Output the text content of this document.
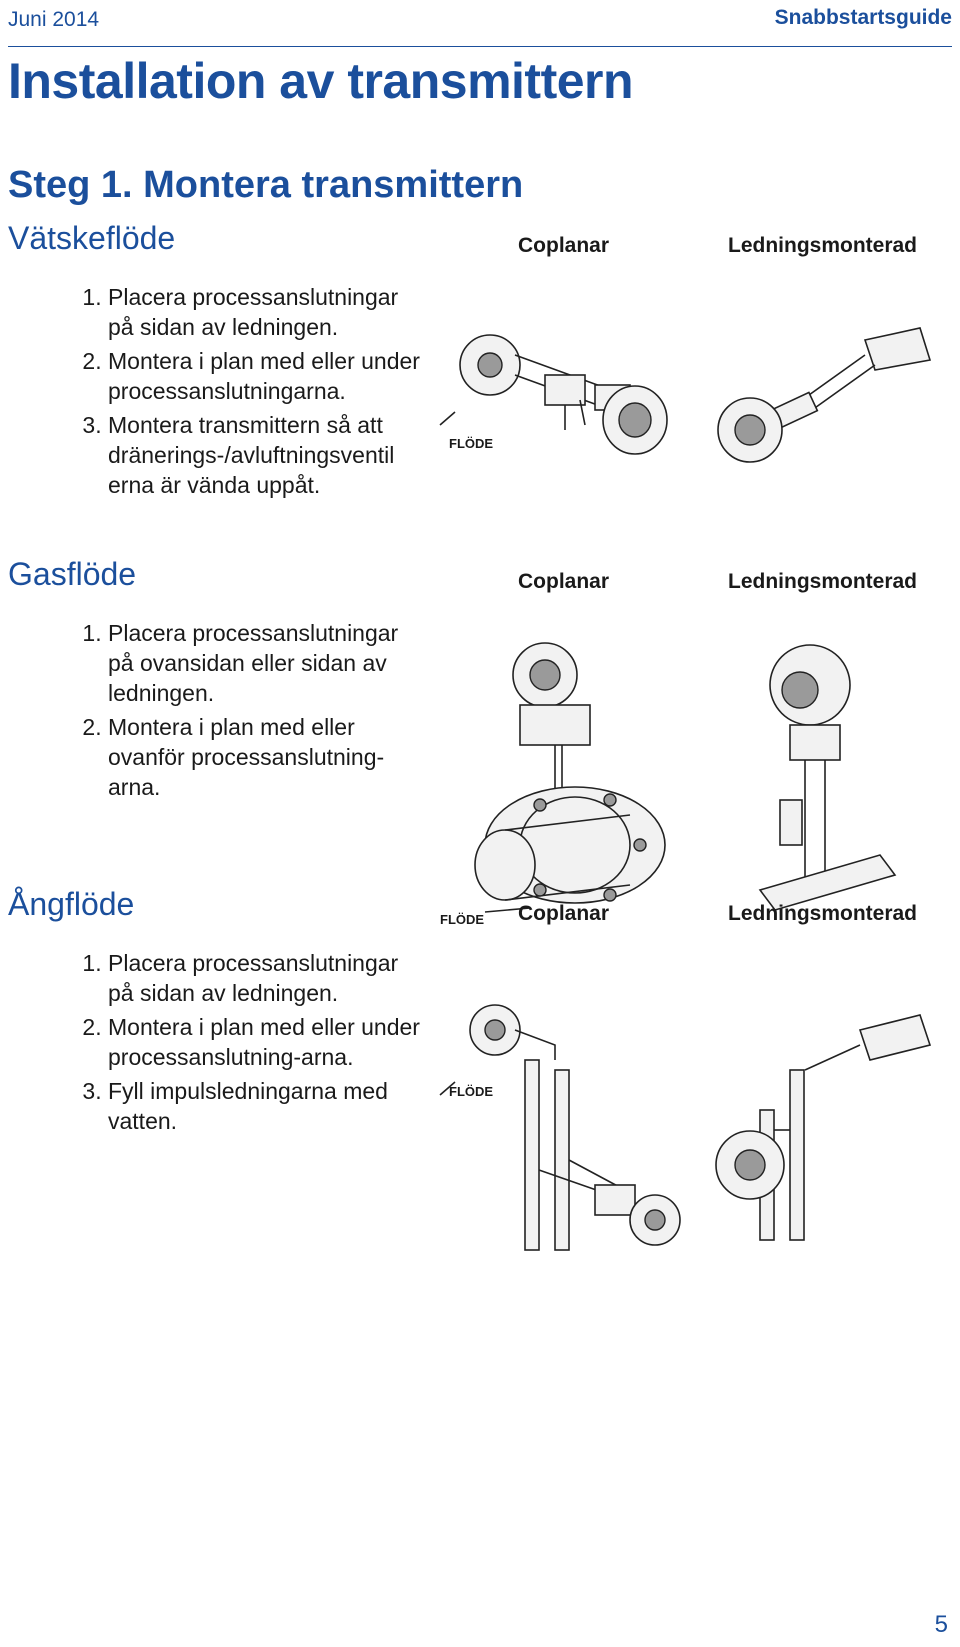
Juni 2014	Snabbstartsguide
Installation av transmittern
Steg 1. Montera transmittern
Vätskeflöde	Coplanar	Ledningsmonterad
1. Placera processanslutningar på sidan av ledningen.
2. Montera i plan med eller under processanslutningarna.
3. Montera transmittern så att dränerings-/avluftningsventil erna är vända uppåt.
FLÖDE
Gasflöde	Coplanar	Ledningsmonterad
1. Placera processanslutningar på ovansidan eller sidan av ledningen.
2. Montera i plan med eller ovanför processanslutning-arna.
FLÖDE
Ångflöde	Coplanar	Ledningsmonterad
1. Placera processanslutningar på sidan av ledningen.
2. Montera i plan med eller under processanslutning-arna.
3. Fyll impulsledningarna med vatten.
FLÖDE
5
